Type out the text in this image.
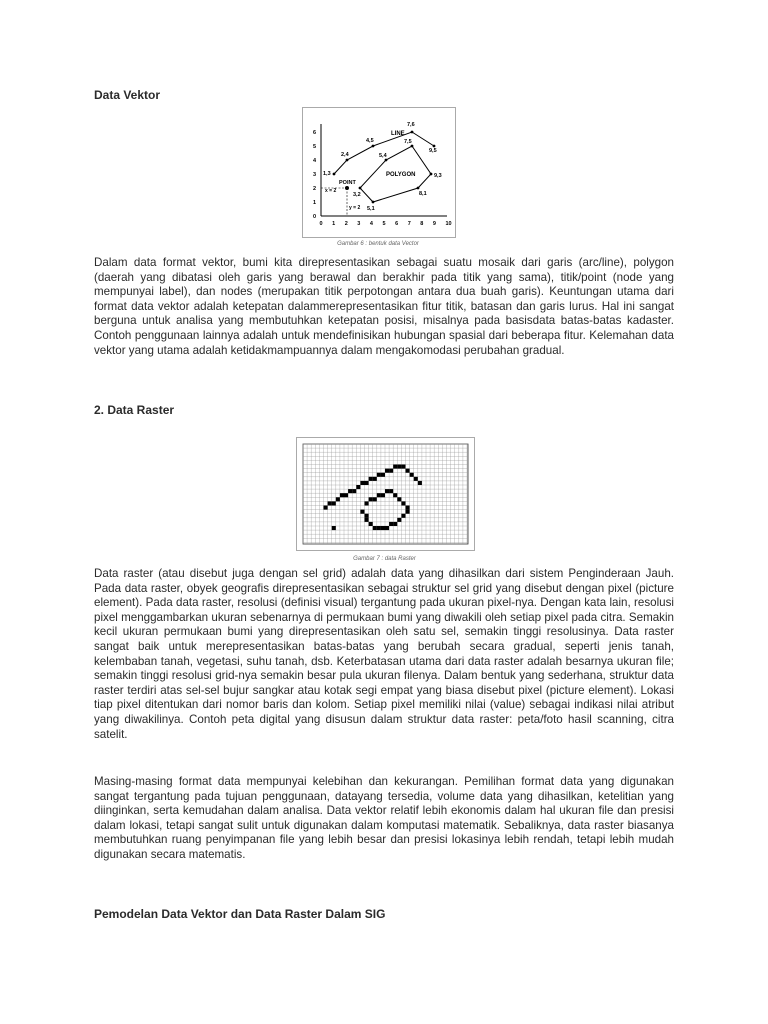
Data Vektor
0 1 2 3 4 5 6 7 8 9 10
0
1
2
3
4
5
6
1,3
2,4
4,5
7,6
9,5
7,5
5,4
9,3
8,1
3,2
5,1
LINE
POLYGON
POINT
x = 2
y = 2
Gambar 6 : bentuk data Vector

Dalam data format vektor, bumi kita direpresentasikan sebagai suatu mosaik dari garis (arc/line), polygon (daerah yang dibatasi oleh garis yang berawal dan berakhir pada titik yang sama), titik/point (node yang mempunyai label), dan nodes (merupakan titik perpotongan antara dua buah garis). Keuntungan utama dari format data vektor adalah ketepatan dalammerepresentasikan fitur titik, batasan dan garis lurus. Hal ini sangat berguna untuk analisa yang membutuhkan ketepatan posisi, misalnya pada basisdata batas-batas kadaster. Contoh penggunaan lainnya adalah untuk mendefinisikan hubungan spasial dari beberapa fitur. Kelemahan data vektor yang utama adalah ketidakmampuannya dalam mengakomodasi perubahan gradual.

2. Data Raster
Gambar 7 : data Raster

Data raster (atau disebut juga dengan sel grid) adalah data yang dihasilkan dari sistem Penginderaan Jauh. Pada data raster, obyek geografis direpresentasikan sebagai struktur sel grid yang disebut dengan pixel (picture element). Pada data raster, resolusi (definisi visual) tergantung pada ukuran pixel-nya. Dengan kata lain, resolusi pixel menggambarkan ukuran sebenarnya di permukaan bumi yang diwakili oleh setiap pixel pada citra. Semakin kecil ukuran permukaan bumi yang direpresentasikan oleh satu sel, semakin tinggi resolusinya. Data raster sangat baik untuk merepresentasikan batas-batas yang berubah secara gradual, seperti jenis tanah, kelembaban tanah, vegetasi, suhu tanah, dsb. Keterbatasan utama dari data raster adalah besarnya ukuran file; semakin tinggi resolusi grid-nya semakin besar pula ukuran filenya. Dalam bentuk yang sederhana, struktur data raster terdiri atas sel-sel bujur sangkar atau kotak segi empat yang biasa disebut pixel (picture element). Lokasi tiap pixel ditentukan dari nomor baris dan kolom. Setiap pixel memiliki nilai (value) sebagai indikasi nilai atribut yang diwakilinya. Contoh peta digital yang disusun dalam struktur data raster: peta/foto hasil scanning, citra satelit.

Masing-masing format data mempunyai kelebihan dan kekurangan. Pemilihan format data yang digunakan sangat tergantung pada tujuan penggunaan, datayang tersedia, volume data yang dihasilkan, ketelitian yang diinginkan, serta kemudahan dalam analisa. Data vektor relatif lebih ekonomis dalam hal ukuran file dan presisi dalam lokasi, tetapi sangat sulit untuk digunakan dalam komputasi matematik. Sebaliknya, data raster biasanya membutuhkan ruang penyimpanan file yang lebih besar dan presisi lokasinya lebih rendah, tetapi lebih mudah digunakan secara matematis.

Pemodelan Data Vektor dan Data Raster Dalam SIG
